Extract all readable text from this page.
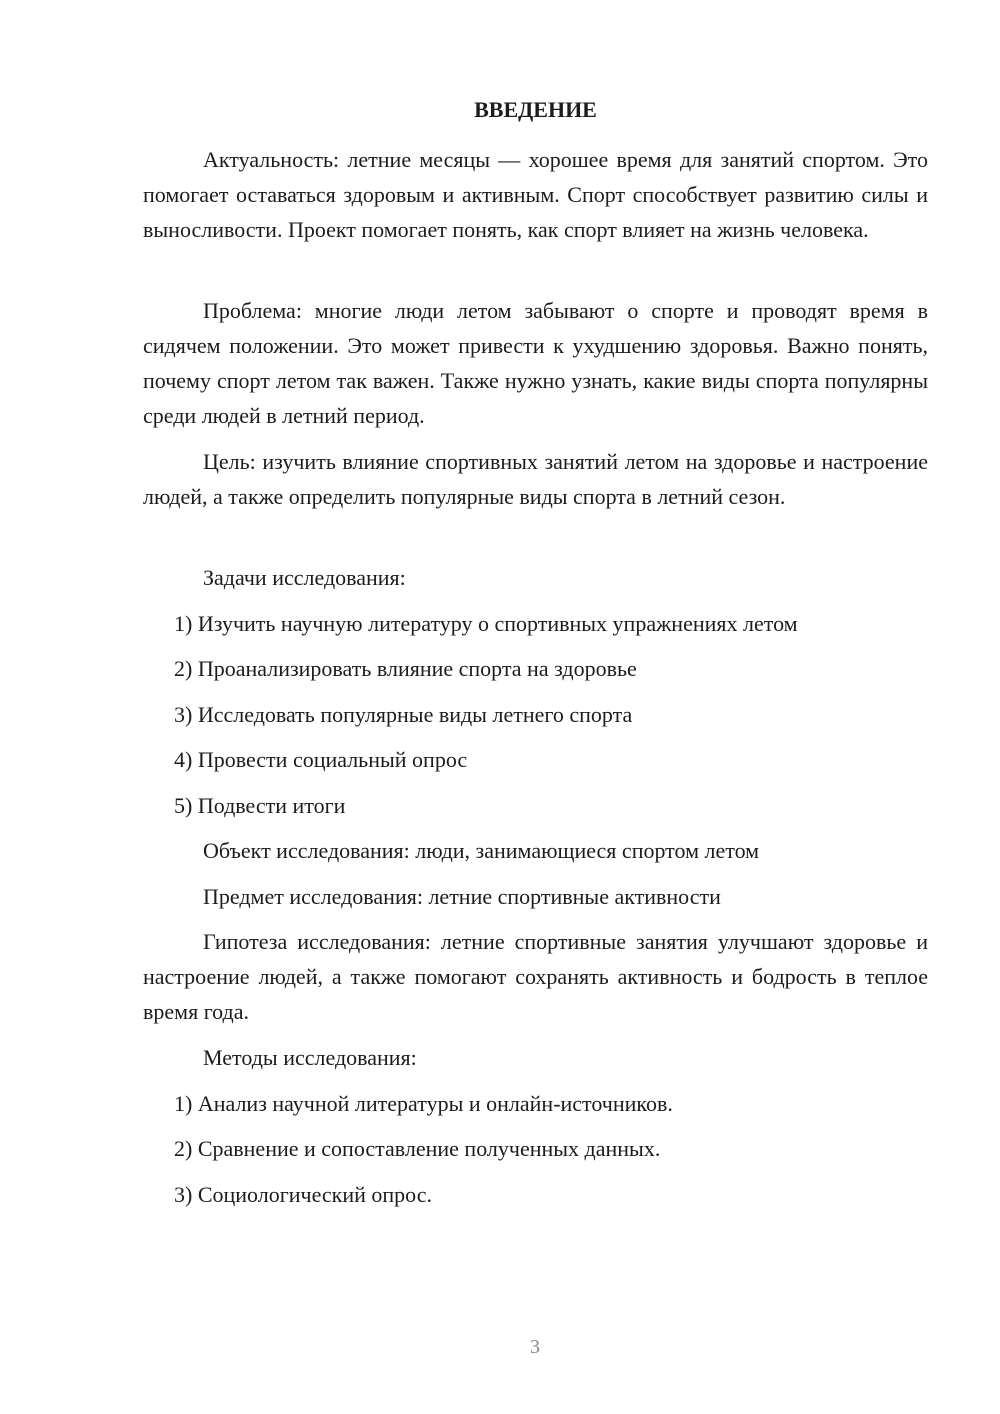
ВВЕДЕНИЕ

Актуальность: летние месяцы — хорошее время для занятий спортом. Это помогает оставаться здоровым и активным. Спорт способствует развитию силы и выносливости. Проект помогает понять, как спорт влияет на жизнь человека.

Проблема: многие люди летом забывают о спорте и проводят время в сидячем положении. Это может привести к ухудшению здоровья. Важно понять, почему спорт летом так важен. Также нужно узнать, какие виды спорта популярны среди людей в летний период.

Цель: изучить влияние спортивных занятий летом на здоровье и настроение людей, а также определить популярные виды спорта в летний сезон.

Задачи исследования:

1) Изучить научную литературу о спортивных упражнениях летом

2) Проанализировать влияние спорта на здоровье

3) Исследовать популярные виды летнего спорта

4) Провести социальный опрос

5) Подвести итоги

Объект исследования: люди, занимающиеся спортом летом

Предмет исследования: летние спортивные активности

Гипотеза исследования: летние спортивные занятия улучшают здоровье и настроение людей, а также помогают сохранять активность и бодрость в теплое время года.

Методы исследования:

1) Анализ научной литературы и онлайн-источников.

2) Сравнение и сопоставление полученных данных.

3) Социологический опрос.

3
